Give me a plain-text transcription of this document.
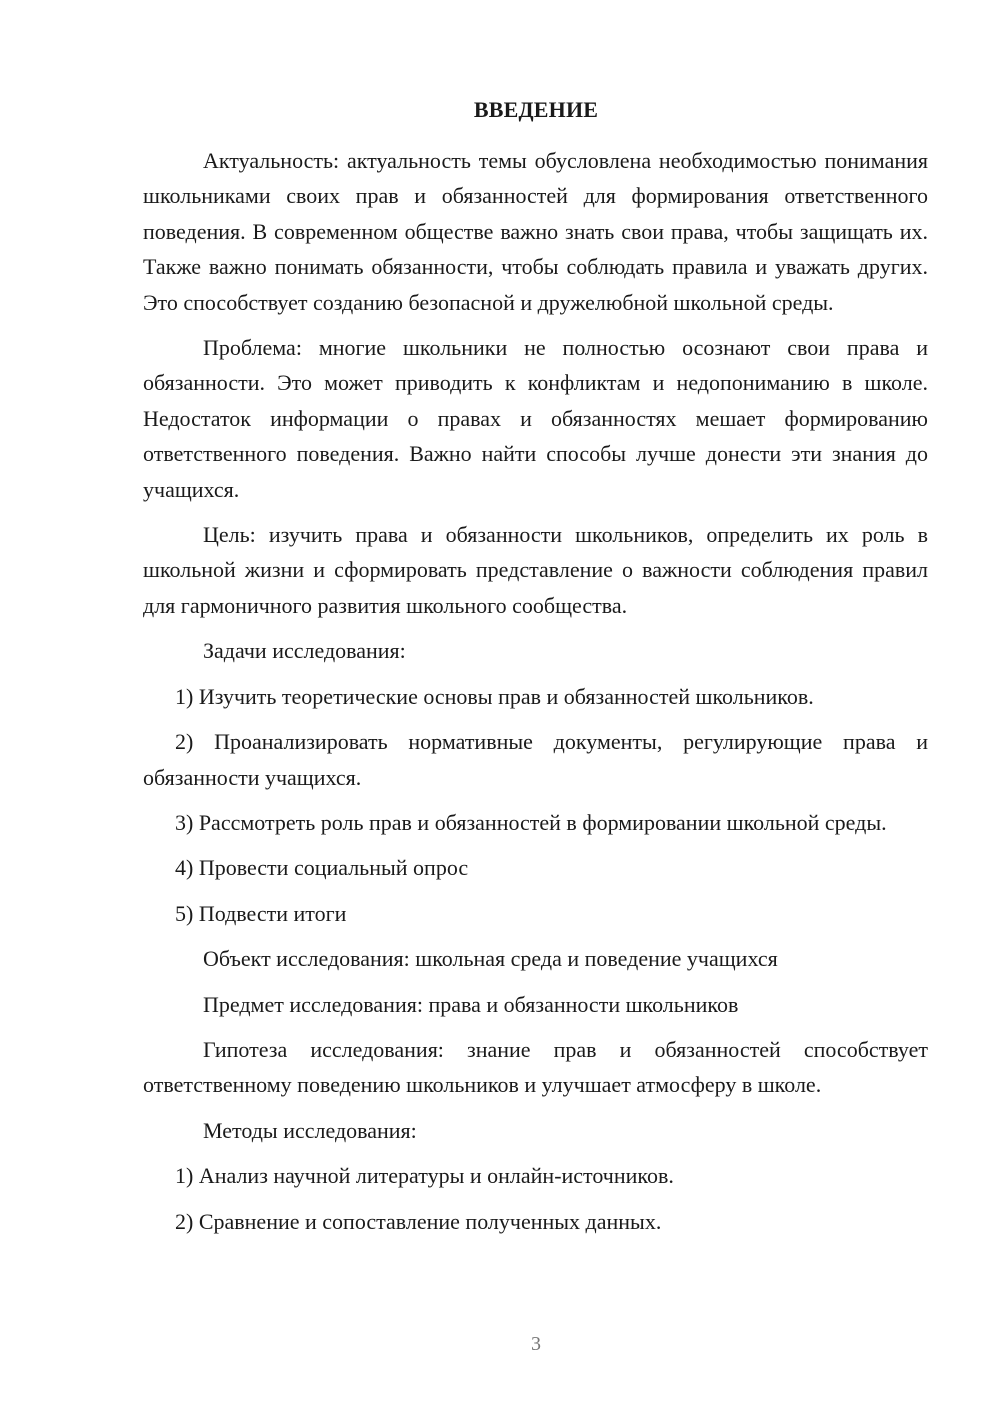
ВВЕДЕНИЕ

Актуальность: актуальность темы обусловлена необходимостью понимания школьниками своих прав и обязанностей для формирования ответственного поведения. В современном обществе важно знать свои права, чтобы защищать их. Также важно понимать обязанности, чтобы соблюдать правила и уважать других. Это способствует созданию безопасной и дружелюбной школьной среды.

Проблема: многие школьники не полностью осознают свои права и обязанности. Это может приводить к конфликтам и недопониманию в школе. Недостаток информации о правах и обязанностях мешает формированию ответственного поведения. Важно найти способы лучше донести эти знания до учащихся.

Цель: изучить права и обязанности школьников, определить их роль в школьной жизни и сформировать представление о важности соблюдения правил для гармоничного развития школьного сообщества.

Задачи исследования:

1) Изучить теоретические основы прав и обязанностей школьников.

2) Проанализировать нормативные документы, регулирующие права и обязанности учащихся.

3) Рассмотреть роль прав и обязанностей в формировании школьной среды.

4) Провести социальный опрос

5) Подвести итоги

Объект исследования: школьная среда и поведение учащихся

Предмет исследования: права и обязанности школьников

Гипотеза исследования: знание прав и обязанностей способствует ответственному поведению школьников и улучшает атмосферу в школе.

Методы исследования:

1) Анализ научной литературы и онлайн-источников.

2) Сравнение и сопоставление полученных данных.

3
